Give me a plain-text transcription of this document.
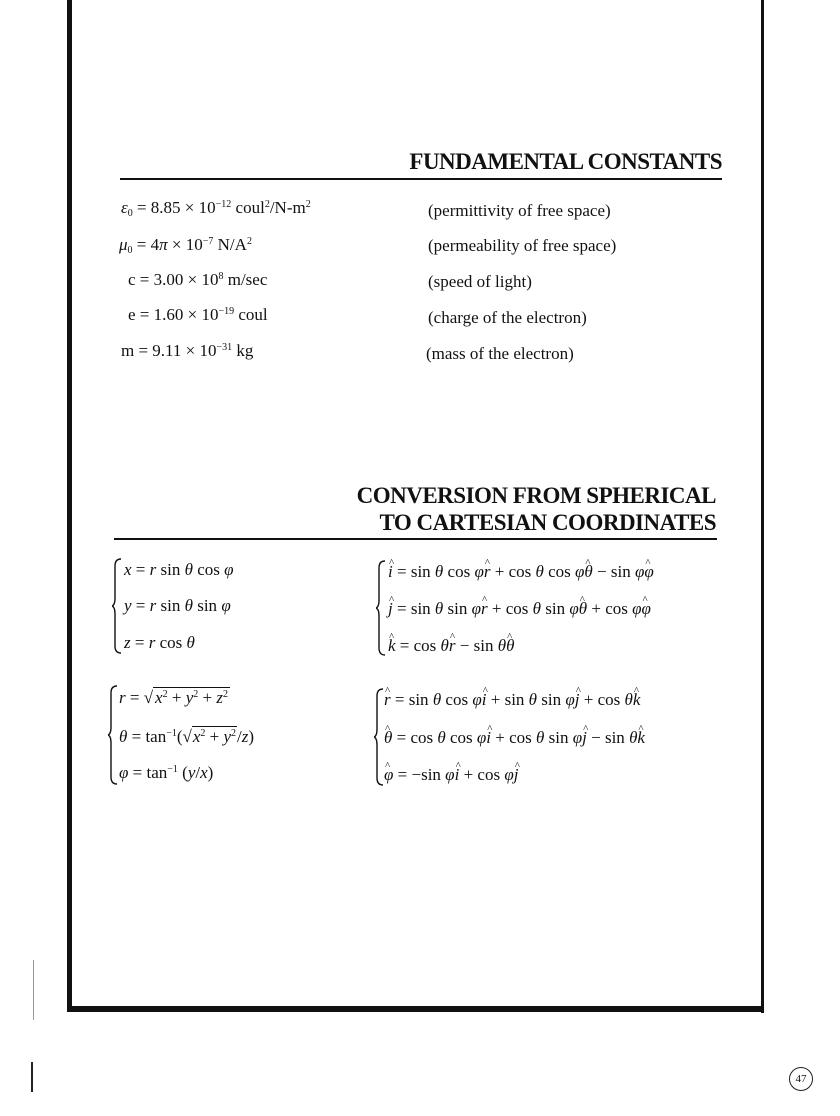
FUNDAMENTAL CONSTANTS
$\varepsilon_0 = 8.85 \times 10^{-12}$ $coul^2/N-m^2$	(permittivity of free space)
$\mu_0 = 4\pi \times 10^{-7}$ $N/A^2$	(permeability of free space)
$c = 3.00 \times 10^8$ m/sec	(speed of light)
$e = 1.60 \times 10^{-19}$ coul	(charge of the electron)
$m = 9.11 \times 10^{-31}$ kg	(mass of the electron)
CONVERSION FROM SPHERICAL
TO CARTESIAN COORDINATES
x = r sin θ cos φ
y = r sin θ sin φ
z = r cos θ
i ^ = sin θ cos φr ^ + cos θ cos φθ ^ − sin φφ ^
j ^ = sin θ sin φr ^ + cos θ sin φθ ^ + cos φφ ^
k ^ = cos θr ^ − sin θθ ^
r = √ $x^2 + y^2 + z^2$
$\theta = \tan^{-1}(√x^2 + y^2/z)$
$\varphi = \tan^{-1} (y/x)$
r ^ = sin θ cos φi ^ + sin θ sin φj ^ + cos θk ^
θ ^ = cos θ cos φi ^ + cos θ sin φj ^ − sin θk ^
φ ^ = −sin φi ^ + cos φj ^
47
